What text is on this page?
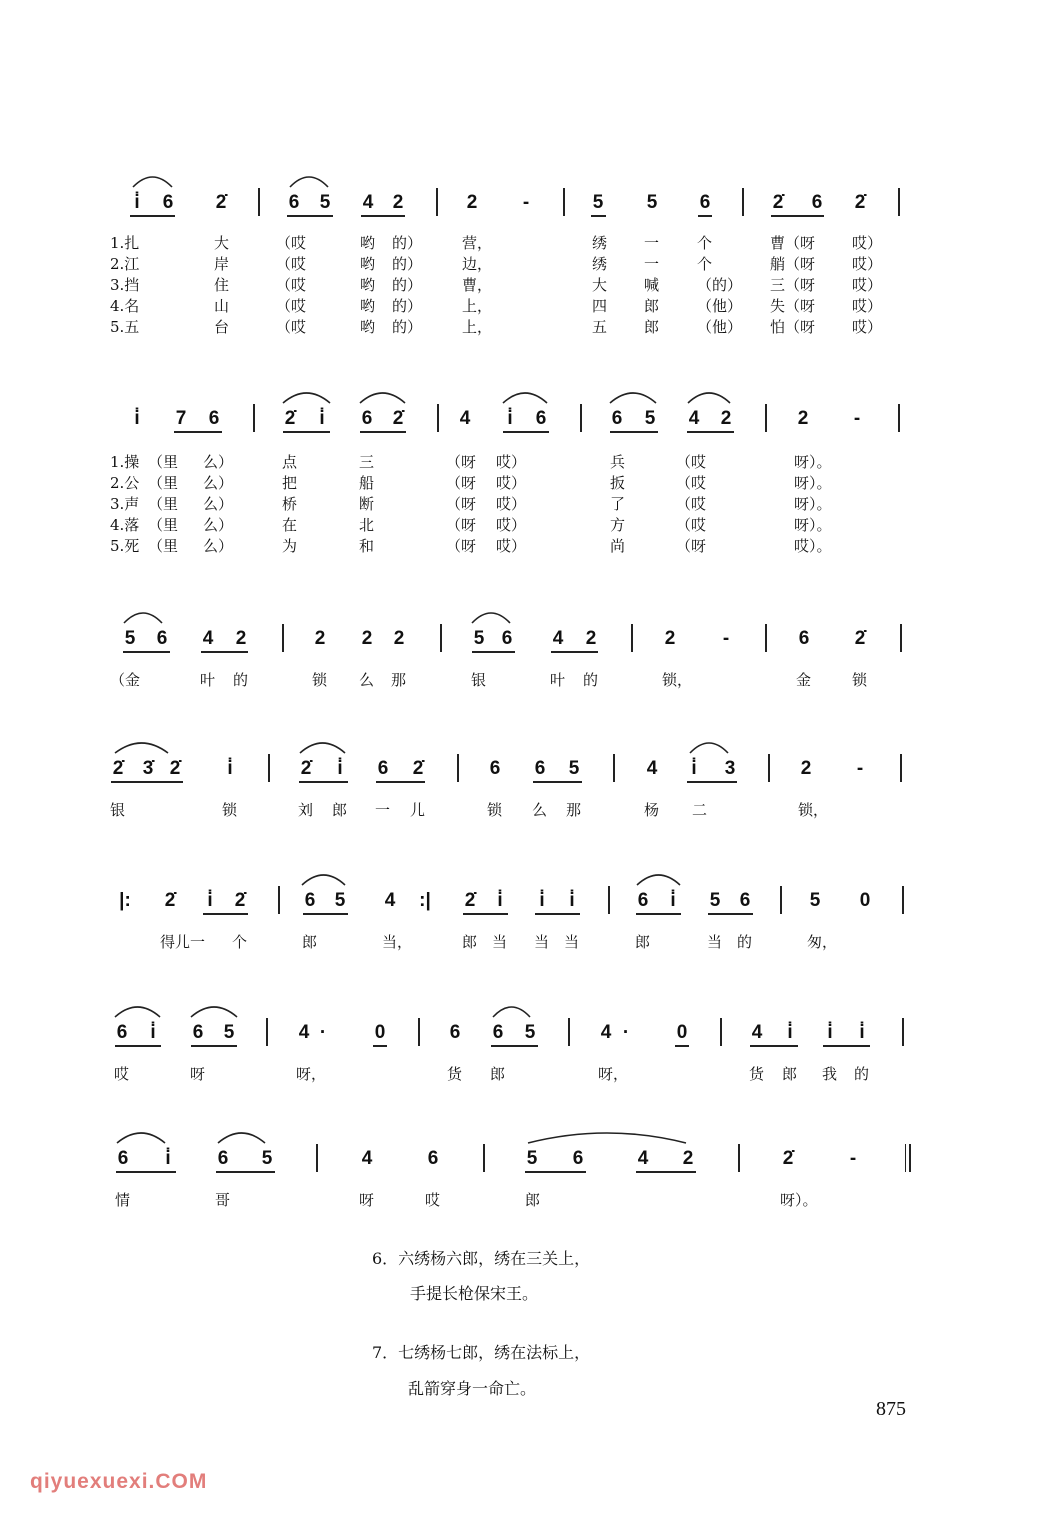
i̇ 6 2̇	6 5 4 2	2 -	5 5 6	2̇ 6 2̇
1.扎	大	（哎	哟 的）	营，	绣 一	个	曹（呀 哎）
2.江	岸	（哎	哟 的）	边，	绣 一	个	艄（呀 哎）
3.挡	住	（哎	哟 的）	曹，	大 喊	（的） 三（呀 哎）
4.名	山	（哎	哟 的）	上，	四 郎	（他） 失（呀 哎）
5.五	台	（哎	哟 的）	上，	五 郎	（他） 怕（呀 哎）
i̇ 7 6	2̇ i̇ 6 2̇	4 i̇ 6	6 5 4 2	2 -
1.操 （里 么）	点	三	（呀 哎）	兵	（哎	呀）。
2.公 （里 么）	把	船	（呀 哎）	扳	（哎	呀）。
3.声 （里 么）	桥	断	（呀 哎）	了	（哎	呀）。
4.落 （里 么）	在	北	（呀 哎）	方	（哎	呀）。
5.死 （里 么）	为	和	（呀 哎）	尚	（呀	哎）。
5 6 4 2	2 2 2	5 6 4 2	2	-	6 2̇
（金	叶 的	锁 么 那	银	叶 的	锁，	金	锁
2̇ 3̇ 2̇ i̇	2̇ i̇ 6 2̇	6 6 5	4 i̇ 3	2 -
银	锁	刘 郎 一 儿	锁 么 那	杨 二	锁，
|: 2̇ i̇ 2̇	6 5 4 :| 2̇ i̇ i̇ i̇	6 i̇ 5 6	5 0
得儿一 个	郎	当，	郎 当 当 当	郎	当 的	匆，
6 i̇ 6 5	4 ·	0	6 6 5	4 ·	0	4 i̇ i̇ i̇
哎	呀	呀，	货 郎	呀，	货 郎 我 的
6 i̇ 6 5	4	6	5 6	4 2	2̇	-
情	哥	呀	哎	郎	呀）。
6．六绣杨六郎，绣在三关上，
手提长枪保宋王。
7．七绣杨七郎，绣在法标上，
乱箭穿身一命亡。
875
qiyuexuexi.COM
